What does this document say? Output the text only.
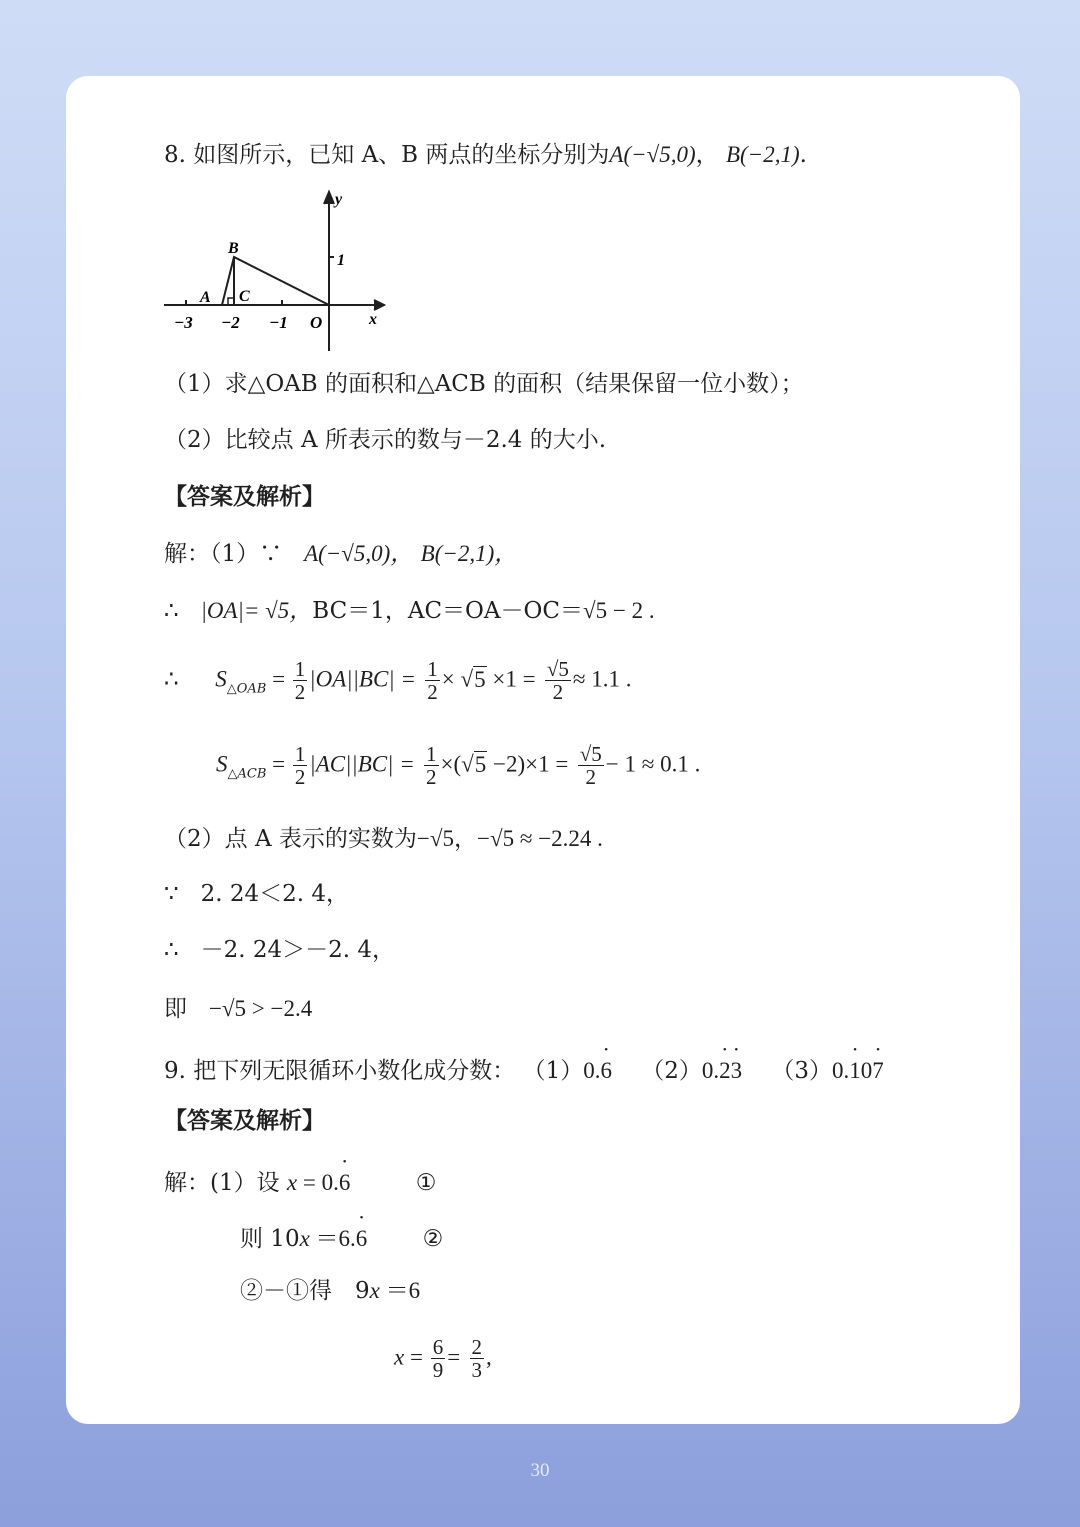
8. 如图所示，已知 A、B 两点的坐标分别为A(−√5,0)， B(−2,1).
−3 −2 −1 O	x
y
1
A
B
C
（1）求△OAB 的面积和△ACB 的面积（结果保留一位小数）；
（2）比较点 A 所表示的数与－2.4 的大小.
【答案及解析】
解：（1）∵ A(−√5,0)， B(−2,1)，
∴ |OA|= √5，BC＝1，AC＝OA－OC＝√5 − 2 .
∴ $S_{\triangle OAB} = \frac{1}{2} |OA||BC| = \frac{1}{2} \times √5 \times 1 = \frac{√5}{2} \approx 1.1$ .
$S_{\triangle ACB} = \frac{1}{2} |AC||BC| = \frac{1}{2} \times(√5 -2)\times 1 = \frac{√5}{2} - 1 \approx 0.1$ .
（2）点 A 表示的实数为−√5，−√5 ≈ −2.24 .
∵ 2. 24＜2. 4，
∴ －2. 24＞－2. 4，
即 −√5 > −2.4
9. 把下列无限循环小数化成分数： （1）0.• 6 （2）0.• 2• 3 （3）0.• 10• 7
【答案及解析】
解：(1）设 x = 0.• 6	①
则 10x ＝6.• 6 ②
②－①得　9x ＝6
$x = \frac{6}{9} = \frac{2}{3}$ ,
30
